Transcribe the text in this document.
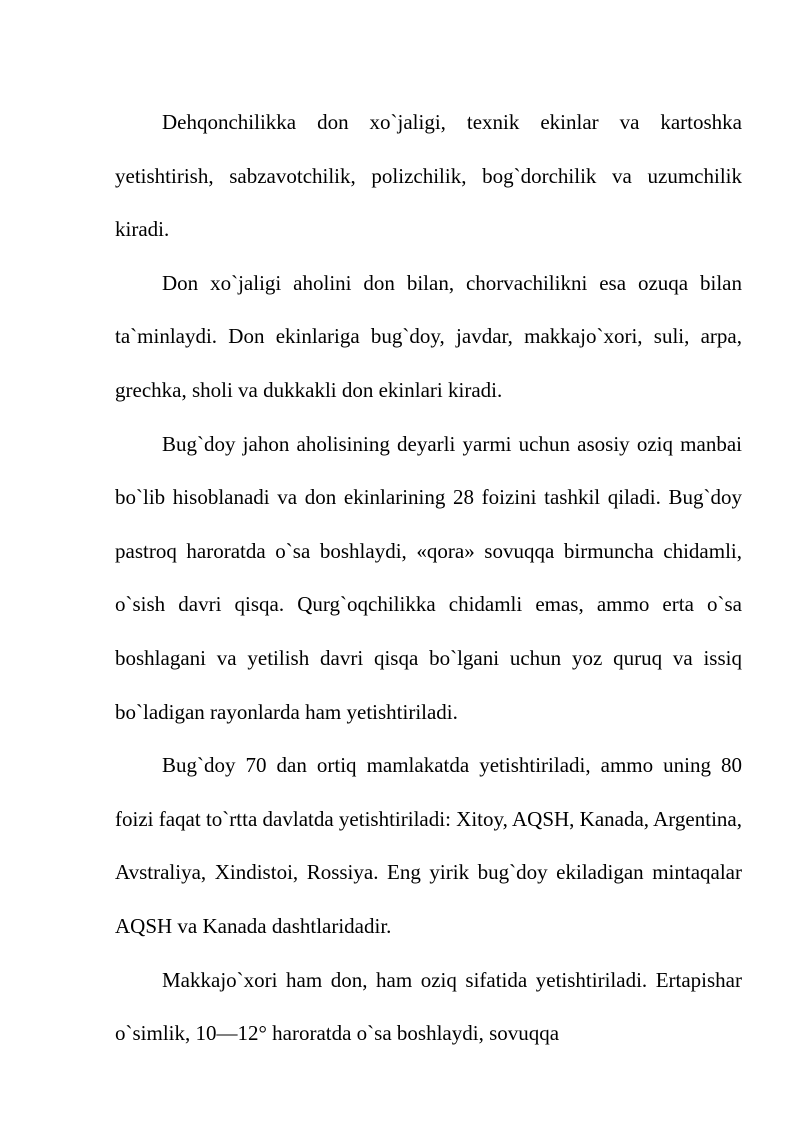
Dehqonchilikka don xo`jaligi, texnik ekinlar va kartoshka yetishtirish, sabzavotchilik, polizchilik, bog`dorchilik va uzumchilik kiradi.

Don xo`jaligi aholini don bilan, chorvachilikni esa ozuqa bilan ta`minlaydi. Don ekinlariga bug`doy, javdar, makkajo`xori, suli, arpa, grechka, sholi va dukkakli don ekinlari kiradi.

Bug`doy jahon aholisining deyarli yarmi uchun asosiy oziq manbai bo`lib hisoblanadi va don ekinlarining 28 foizini tashkil qiladi. Bug`doy pastroq haroratda o`sa boshlaydi, «qora» sovuqqa birmuncha chidamli, o`sish davri qisqa. Qurg`oqchilikka chidamli emas, ammo erta o`sa boshlagani va yetilish davri qisqa bo`lgani uchun yoz quruq va issiq bo`ladigan rayonlarda ham yetishtiriladi.

Bug`doy 70 dan ortiq mamlakatda yetishtiriladi, ammo uning 80 foizi faqat to`rtta davlatda yetishtiriladi: Xitoy, AQSH, Kanada, Argentina, Avstraliya, Xindistoi, Rossiya. Eng yirik bug`doy ekiladigan mintaqalar AQSH va Kanada dashtlaridadir.

Makkajo`xori ham don, ham oziq sifatida yetishtiriladi. Ertapishar o`simlik, 10—12° haroratda o`sa boshlaydi, sovuqqa
